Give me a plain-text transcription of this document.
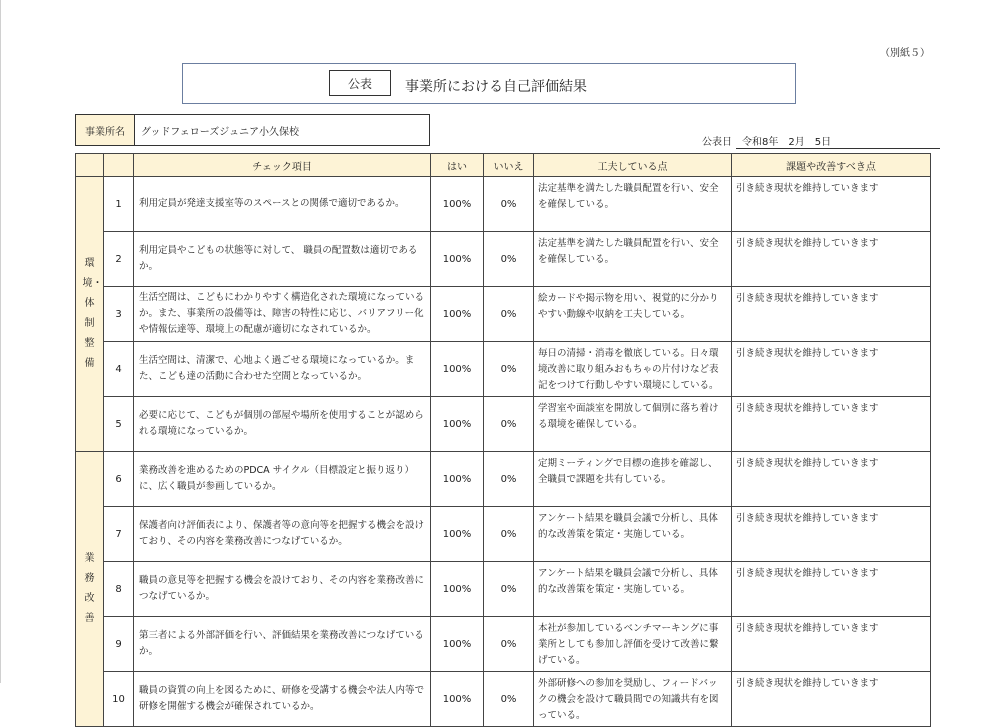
（別紙５）
公表	事業所における自己評価結果
事業所名	グッドフェローズジュニア小久保校
公表日 令和8年　2月　5日
		チェック項目	はい	いいえ	工夫している点	課題や改善すべき点

環境・体制整備	1	利用定員が発達支援室等のスペースとの関係で適切であるか。	100%	0%	法定基準を満たした職員配置を行い、安全を確保している。	引き続き現状を維持していきます
	2	利用定員やこどもの状態等に対して、 職員の配置数は適切であるか。	100%	0%	法定基準を満たした職員配置を行い、安全を確保している。	引き続き現状を維持していきます
	3	生活空間は、こどもにわかりやすく構造化された環境になっているか。また、事業所の設備等は、障害の特性に応じ、バリアフリー化や情報伝達等、環境上の配慮が適切になされているか。	100%	0%	絵カードや掲示物を用い、視覚的に分かりやすい動線や収納を工夫している。	引き続き現状を維持していきます
	4	生活空間は、清潔で、心地よく過ごせる環境になっているか。また、こども達の活動に合わせた空間となっているか。	100%	0%	毎日の清掃・消毒を徹底している。日々環境改善に取り組みおもちゃの片付けなど表記をつけて行動しやすい環境にしている。	引き続き現状を維持していきます
	5	必要に応じて、こどもが個別の部屋や場所を使用することが認められる環境になっているか。	100%	0%	学習室や面談室を開放して個別に落ち着ける環境を確保している。	引き続き現状を維持していきます

業務改善	6	業務改善を進めるためのPDCA サイクル（目標設定と振り返り）に、広く職員が参画しているか。	100%	0%	定期ミーティングで目標の進捗を確認し、全職員で課題を共有している。	引き続き現状を維持していきます
	7	保護者向け評価表により、保護者等の意向等を把握する機会を設けており、その内容を業務改善につなげているか。	100%	0%	アンケート結果を職員会議で分析し、具体的な改善策を策定・実施している。	引き続き現状を維持していきます
	8	職員の意見等を把握する機会を設けており、その内容を業務改善につなげているか。	100%	0%	アンケート結果を職員会議で分析し、具体的な改善策を策定・実施している。	引き続き現状を維持していきます
	9	第三者による外部評価を行い、評価結果を業務改善につなげているか。	100%	0%	本社が参加しているベンチマーキングに事業所としても参加し評価を受けて改善に繋げている。	引き続き現状を維持していきます
	10	職員の資質の向上を図るために、研修を受講する機会や法人内等で研修を開催する機会が確保されているか。	100%	0%	外部研修への参加を奨励し、フィードバックの機会を設けて職員間での知識共有を図っている。	引き続き現状を維持していきます
